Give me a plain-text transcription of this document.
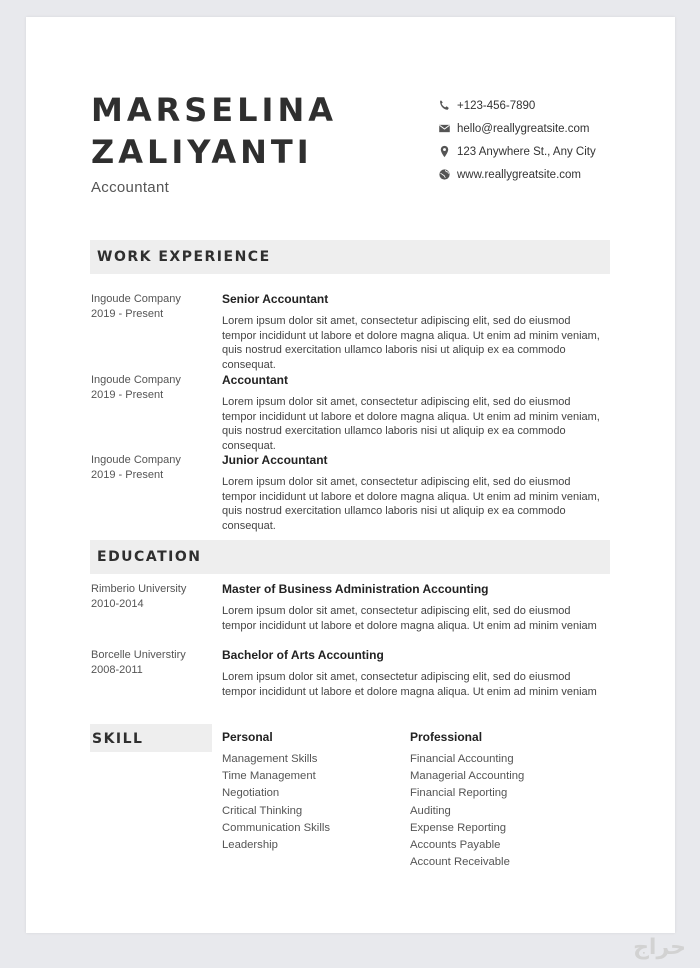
MARSELINA
ZALIYANTI
Accountant
+123-456-7890
hello@reallygreatsite.com
123 Anywhere St., Any City
www.reallygreatsite.com
WORK EXPERIENCE
Ingoude Company
2019 - Present
Senior Accountant
Lorem ipsum dolor sit amet, consectetur adipiscing elit, sed do eiusmod tempor incididunt ut labore et dolore magna aliqua. Ut enim ad minim veniam, quis nostrud exercitation ullamco laboris nisi ut aliquip ex ea commodo consequat.
Ingoude Company
2019 - Present
Accountant
Lorem ipsum dolor sit amet, consectetur adipiscing elit, sed do eiusmod tempor incididunt ut labore et dolore magna aliqua. Ut enim ad minim veniam, quis nostrud exercitation ullamco laboris nisi ut aliquip ex ea commodo consequat.
Ingoude Company
2019 - Present
Junior Accountant
Lorem ipsum dolor sit amet, consectetur adipiscing elit, sed do eiusmod tempor incididunt ut labore et dolore magna aliqua. Ut enim ad minim veniam, quis nostrud exercitation ullamco laboris nisi ut aliquip ex ea commodo consequat.
EDUCATION
Rimberio University
2010-2014
Master of Business Administration Accounting
Lorem ipsum dolor sit amet, consectetur adipiscing elit, sed do eiusmod tempor incididunt ut labore et dolore magna aliqua. Ut enim ad minim veniam
Borcelle Universtiry
2008-2011
Bachelor of Arts Accounting
Lorem ipsum dolor sit amet, consectetur adipiscing elit, sed do eiusmod tempor incididunt ut labore et dolore magna aliqua. Ut enim ad minim veniam
SKILL	Personal
Management Skills
Time Management
Negotiation
Critical Thinking
Communication Skills
Leadership
Professional
Financial Accounting
Managerial Accounting
Financial Reporting
Auditing
Expense Reporting
Accounts Payable
Account Receivable
حراج
